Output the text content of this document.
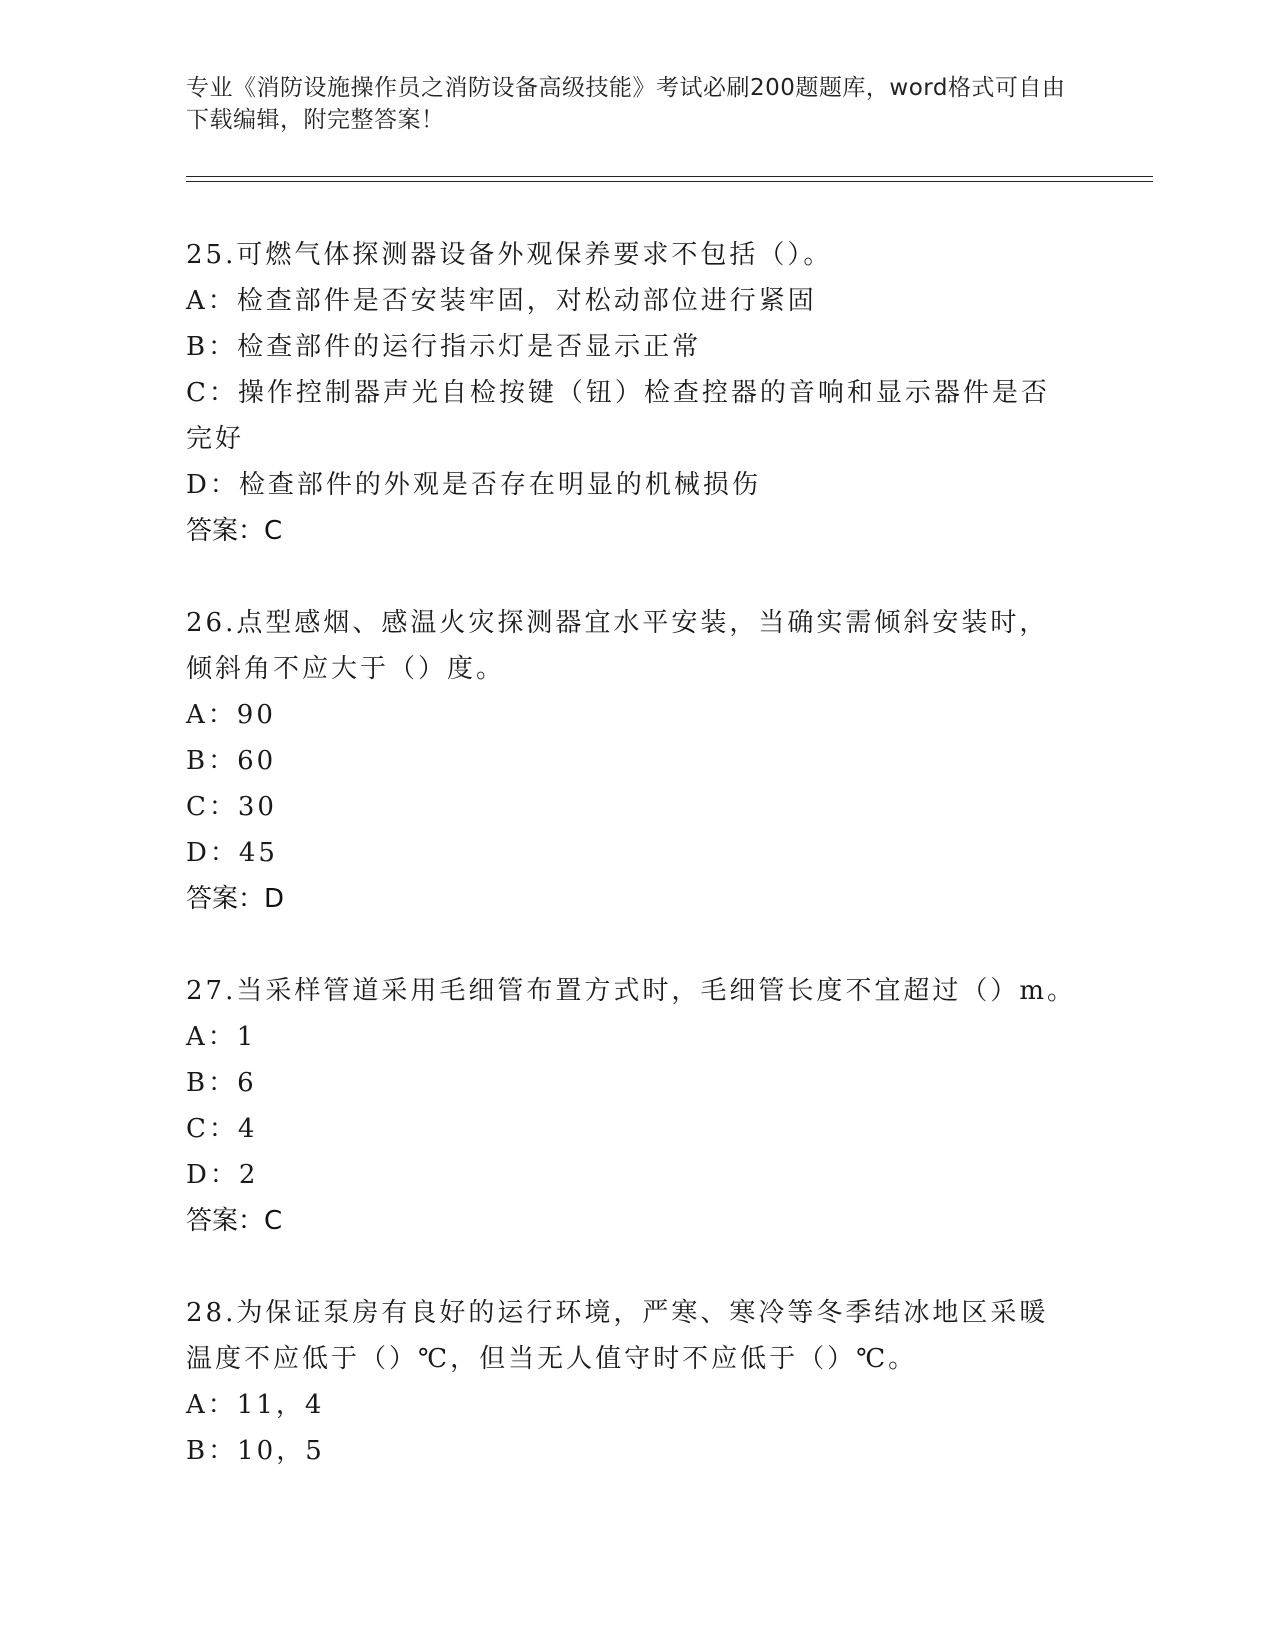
专业《消防设施操作员之消防设备高级技能》考试必刷200题题库，word格式可自由下载编辑，附完整答案！
25.可燃气体探测器设备外观保养要求不包括（）。
A：检查部件是否安装牢固，对松动部位进行紧固
B：检查部件的运行指示灯是否显示正常
C：操作控制器声光自检按键（钮）检查控器的音响和显示器件是否完好
D：检查部件的外观是否存在明显的机械损伤
答案：C
26.点型感烟、感温火灾探测器宜水平安装，当确实需倾斜安装时，倾斜角不应大于（）度。
A：90
B：60
C：30
D：45
答案：D
27.当采样管道采用毛细管布置方式时，毛细管长度不宜超过（）m。
A：1
B：6
C：4
D：2
答案：C
28.为保证泵房有良好的运行环境，严寒、寒冷等冬季结冰地区采暖温度不应低于（）℃，但当无人值守时不应低于（）℃。
A：11，4
B：10，5
